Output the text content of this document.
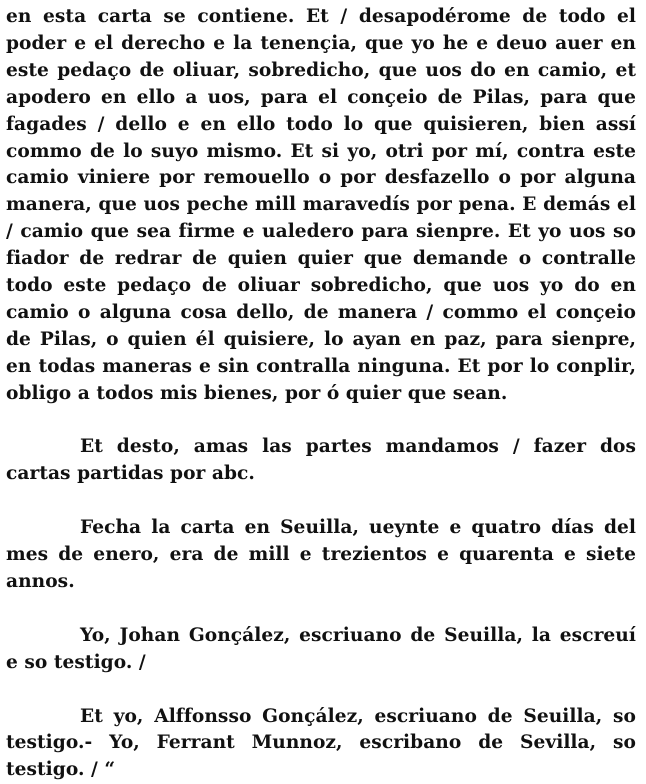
en esta carta se contiene. Et / desapodérome de todo el poder e el derecho e la tenençia, que yo he e deuo auer en este pedaço de oliuar, sobredicho, que uos do en camio, et apodero en ello a uos, para el conçeio de Pilas, para que fagades / dello e en ello todo lo que quisieren, bien assí commo de lo suyo mismo. Et si yo, otri por mí, contra este camio viniere por remouello o por desfazello o por alguna manera, que uos peche mill maravedís por pena. E demás el / camio que sea firme e ualedero para sienpre. Et yo uos so fiador de redrar de quien quier que demande o contralle todo este pedaço de oliuar sobredicho, que uos yo do en camio o alguna cosa dello, de manera / commo el conçeio de Pilas, o quien él quisiere, lo ayan en paz, para sienpre, en todas maneras e sin contralla ninguna. Et por lo conplir, obligo a todos mis bienes, por ó quier que sean.

Et desto, amas las partes mandamos / fazer dos cartas partidas por abc.

Fecha la carta en Seuilla, ueynte e quatro días del mes de enero, era de mill e trezientos e quarenta e siete annos.

Yo, Johan Gonçález, escriuano de Seuilla, la escreuí e so testigo. /

Et yo, Alffonsso Gonçález, escriuano de Seuilla, so testigo.- Yo, Ferrant Munnoz, escribano de Sevilla, so testigo. / “
